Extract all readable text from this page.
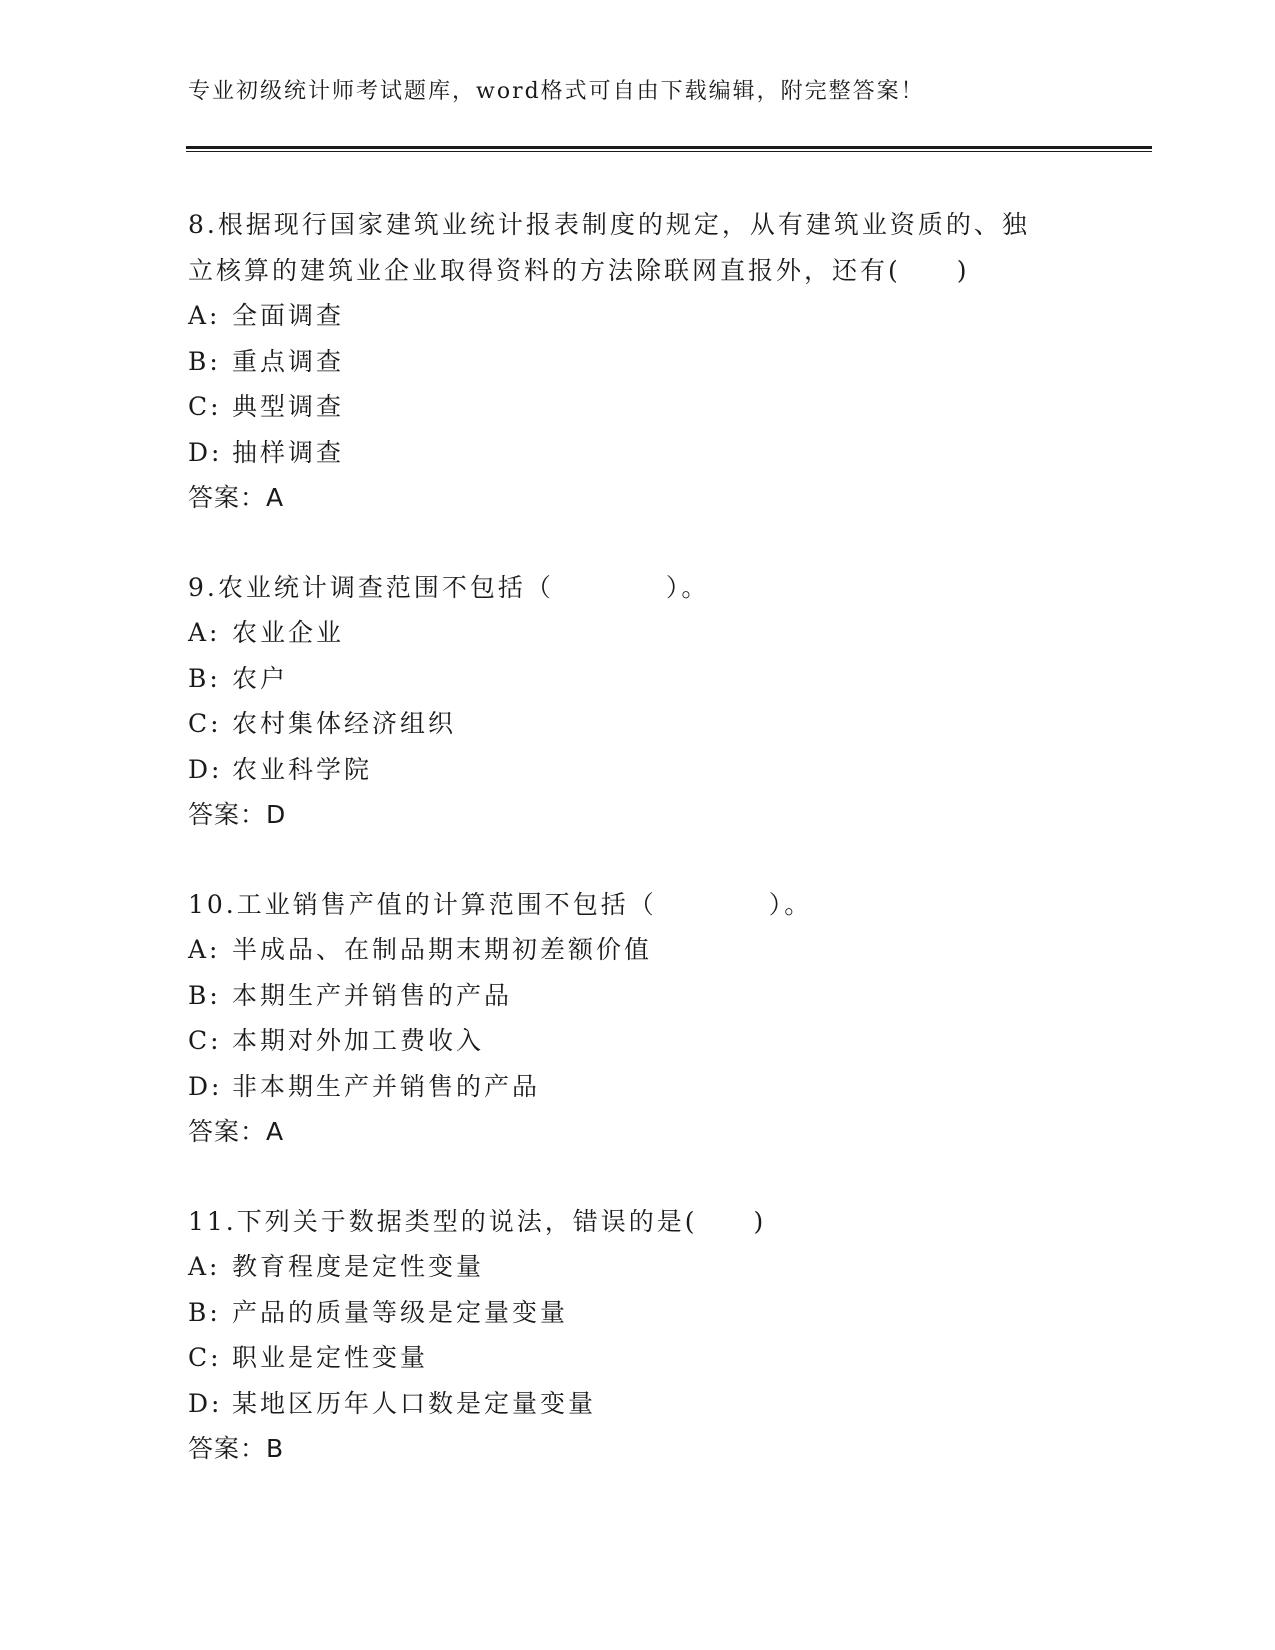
专业初级统计师考试题库，word格式可自由下载编辑，附完整答案！
8.根据现行国家建筑业统计报表制度的规定，从有建筑业资质的、独
立核算的建筑业企业取得资料的方法除联网直报外，还有(　　)
A: 全面调查
B: 重点调查
C: 典型调查
D: 抽样调查
答案：A
9.农业统计调查范围不包括（　　　　）。
A: 农业企业
B: 农户
C: 农村集体经济组织
D: 农业科学院
答案：D
10.工业销售产值的计算范围不包括（　　　　）。
A: 半成品、在制品期末期初差额价值
B: 本期生产并销售的产品
C: 本期对外加工费收入
D: 非本期生产并销售的产品
答案：A
11.下列关于数据类型的说法，错误的是(　　)
A: 教育程度是定性变量
B: 产品的质量等级是定量变量
C: 职业是定性变量
D: 某地区历年人口数是定量变量
答案：B
